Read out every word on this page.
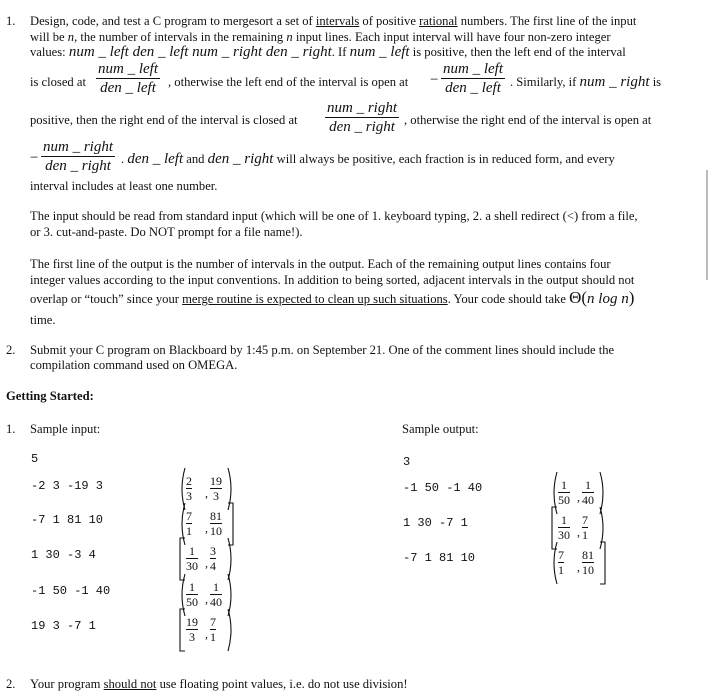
1. Design, code, and test a C program to mergesort a set of intervals of positive rational numbers. The first line of the input
will be n, the number of intervals in the remaining n input lines. Each input interval will have four non-zero integer
values: num _ left den _ left num _ right den _ right. If num _ left is positive, then the left end of the interval
is closed at
num _ left
den _ left , otherwise the left end of the interval is open at −
num _ left
den _ left . Similarly, if num _ right is
positive, then the right end of the interval is closed at
num _ right
den _ right , otherwise the right end of the interval is open at
−
num _ right
den _ right . den _ left and den _ right will always be positive, each fraction is in reduced form, and every
interval includes at least one number.
The input should be read from standard input (which will be one of 1. keyboard typing, 2. a shell redirect (<) from a file,
or 3. cut-and-paste. Do NOT prompt for a file name!).
The first line of the output is the number of intervals in the output. Each of the remaining output lines contains four
integer values according to the input conventions. In addition to being sorted, adjacent intervals in the output should not
overlap or “touch” since your merge routine is expected to clean up such situations. Your code should take Θ(n log n)
time.
2. Submit your C program on Blackboard by 1:45 p.m. on September 21. One of the comment lines should include the
compilation command used on OMEGA.
Getting Started:
1. Sample input:	Sample output:
5
-2 3 -19 3
-7 1 81 10
1 30 -3 4
-1 50 -1 40
19 3 -7 1
3
-1 50 -1 40
1 30 -7 1
-7 1 81 10
$\frac{2}{3}$ , $\frac{19}{3}$
$\frac{7}{1}$ , $\frac{81}{10}$
$\frac{1}{30}$ , $\frac{3}{4}$
$\frac{1}{50}$ , $\frac{1}{40}$
$\frac{19}{3}$ , $\frac{7}{1}$
$\frac{1}{50}$ , $\frac{1}{40}$
$\frac{1}{30}$ , $\frac{7}{1}$
$\frac{7}{1}$ , $\frac{81}{10}$
2. Your program should not use floating point values, i.e. do not use division!
